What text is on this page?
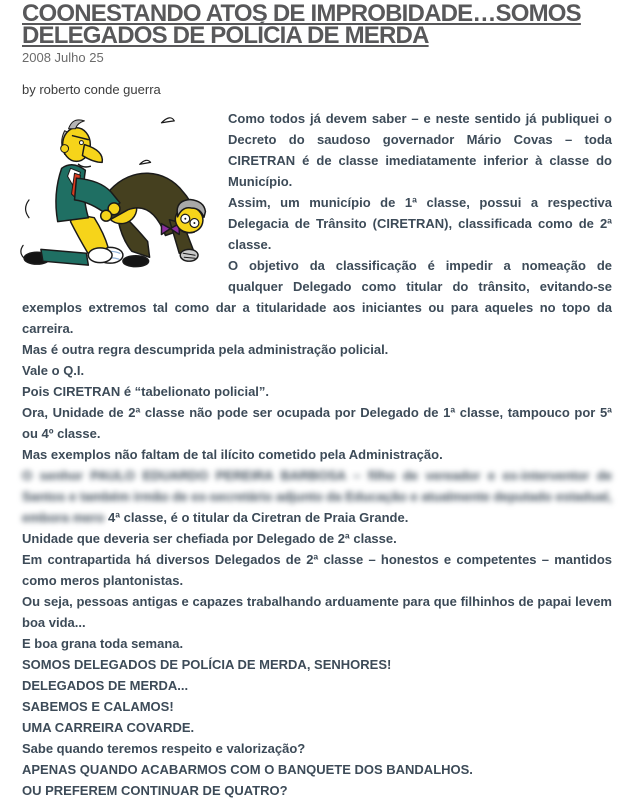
COONESTANDO ATOS DE IMPROBIDADE…SOMOS DELEGADOS DE POLÍCIA DE MERDA
2008 Julho 25
by roberto conde guerra

Como todos já devem saber – e neste sentido já publiquei o Decreto do saudoso governador Mário Covas – toda CIRETRAN é de classe imediatamente inferior à classe do Município.

Assim, um município de 1ª classe, possui a respectiva Delegacia de Trânsito (CIRETRAN), classificada como de 2ª classe.

O objetivo da classificação é impedir a nomeação de qualquer Delegado como titular do trânsito, evitando-se exemplos extremos tal como dar a titularidade aos iniciantes ou para aqueles no topo da carreira.

Mas é outra regra descumprida pela administração policial.

Vale o Q.I.

Pois CIRETRAN é “tabelionato policial”.

Ora, Unidade de 2ª classe não pode ser ocupada por Delegado de 1ª classe, tampouco por 5ª ou 4º classe.

Mas exemplos não faltam de tal ilícito cometido pela Administração.

O senhor PAULO EDUARDO PEREIRA BARBOSA – filho de vereador e ex-interventor de Santos e também irmão de ex-secretário adjunto da Educação e atualmente deputado estadual, embora mero 4ª classe, é o titular da Ciretran de Praia Grande.

Unidade que deveria ser chefiada por Delegado de 2ª classe.

Em contrapartida há diversos Delegados de 2ª classe – honestos e competentes – mantidos como meros plantonistas.

Ou seja, pessoas antigas e capazes trabalhando arduamente para que filhinhos de papai levem boa vida...

E boa grana toda semana.

SOMOS DELEGADOS DE POLÍCIA DE MERDA, SENHORES!

DELEGADOS DE MERDA...

SABEMOS E CALAMOS!

UMA CARREIRA COVARDE.

Sabe quando teremos respeito e valorização?

APENAS QUANDO ACABARMOS COM O BANQUETE DOS BANDALHOS.

OU PREFEREM CONTINUAR DE QUATRO?
